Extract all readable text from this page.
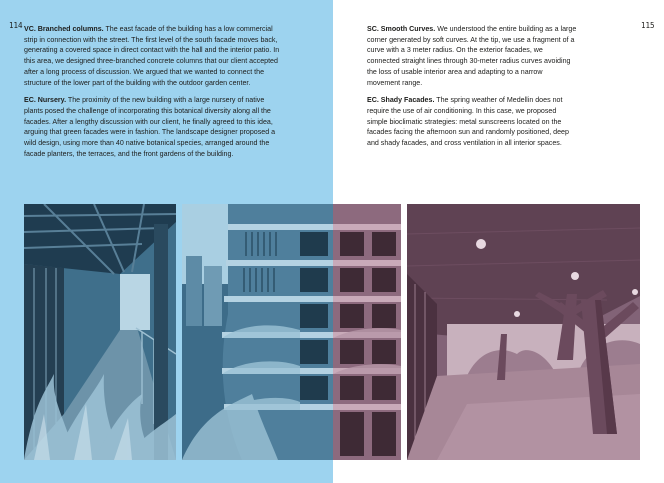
114	115

VC. Branched columns. The east facade of the building has a low commercial strip in connection with the street. The first level of the south facade moves back, generating a covered space in direct contact with the hall and the interior patio. In this area, we designed three-branched concrete columns that our client accepted after a long process of discussion. We argued that we wanted to connect the structure of the lower part of the building with the outdoor garden center.

EC. Nursery. The proximity of the new building with a large nursery of native plants posed the challenge of incorporating this botanical diversity along all the facades. After a lengthy discussion with our client, he finally agreed to this idea, arguing that green facades were in fashion. The landscape designer proposed a wild design, using more than 40 native botanical species, arranged around the facade planters, the terraces, and the front gardens of the building.

SC. Smooth Curves. We understood the entire building as a large corner generated by soft curves. At the tip, we use a fragment of a curve with a 3 meter radius. On the exterior facades, we connected straight lines through 30-meter radius curves avoiding the loss of usable interior area and adapting to a narrow movement range.

EC. Shady Facades. The spring weather of Medellin does not require the use of air conditioning. In this case, we proposed simple bioclimatic strategies: metal sunscreens located on the facades facing the afternoon sun and randomly positioned, deep and shady facades, and cross ventilation in all interior spaces.
